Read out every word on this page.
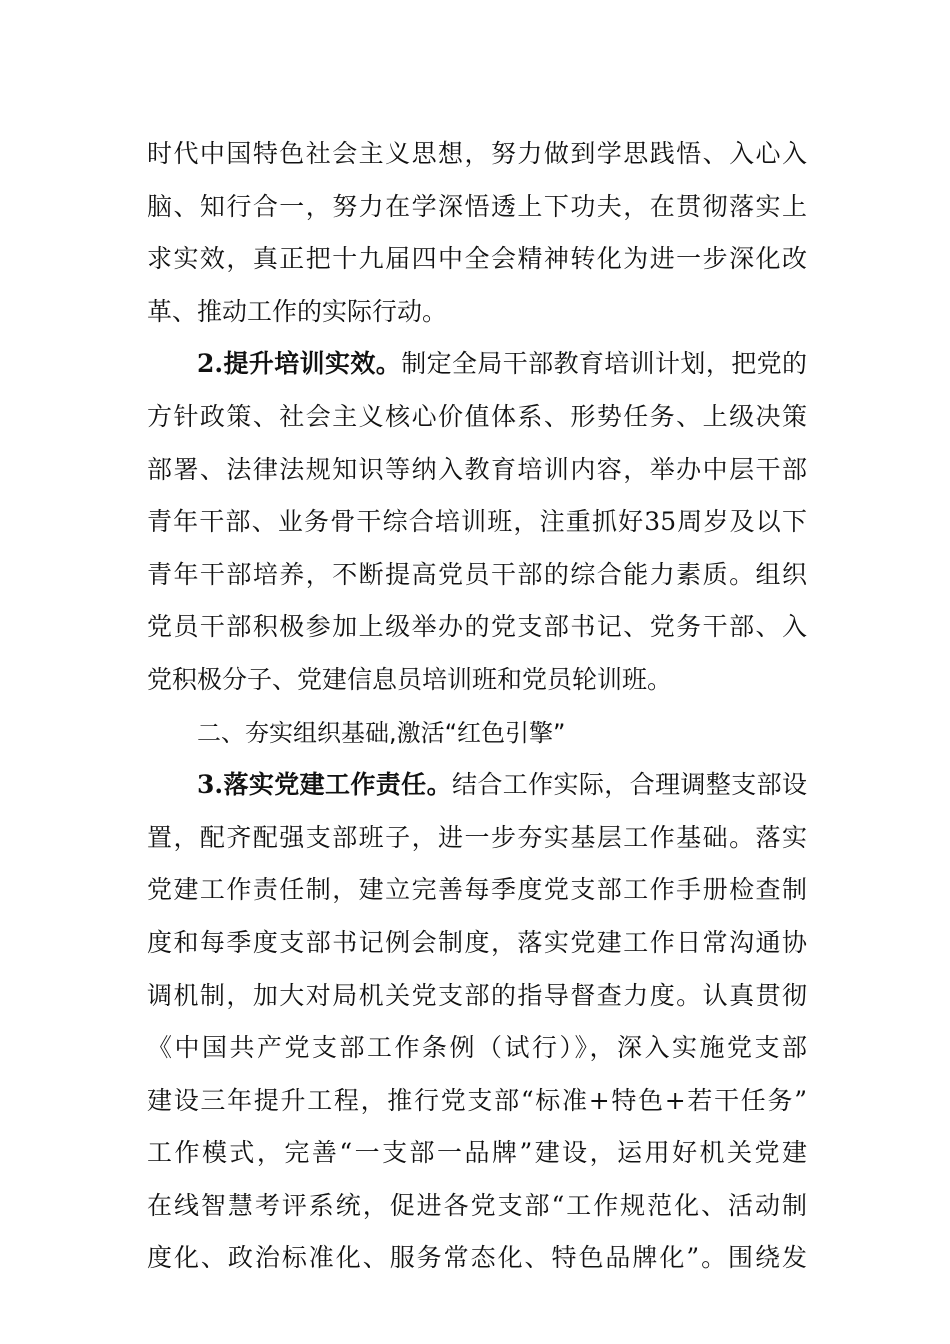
时代中国特色社会主义思想，努力做到学思践悟、入心入
脑、知行合一，努力在学深悟透上下功夫，在贯彻落实上
求实效，真正把十九届四中全会精神转化为进一步深化改
革、推动工作的实际行动。

2.提升培训实效。制定全局干部教育培训计划，把党的
方针政策、社会主义核心价值体系、形势任务、上级决策
部署、法律法规知识等纳入教育培训内容，举办中层干部
青年干部、业务骨干综合培训班，注重抓好35周岁及以下
青年干部培养，不断提高党员干部的综合能力素质。组织
党员干部积极参加上级举办的党支部书记、党务干部、入
党积极分子、党建信息员培训班和党员轮训班。

二、夯实组织基础,激活“红色引擎”

3.落实党建工作责任。结合工作实际，合理调整支部设
置，配齐配强支部班子，进一步夯实基层工作基础。落实
党建工作责任制，建立完善每季度党支部工作手册检查制
度和每季度支部书记例会制度，落实党建工作日常沟通协
调机制，加大对局机关党支部的指导督查力度。认真贯彻
《中国共产党支部工作条例（试行）》，深入实施党支部
建设三年提升工程，推行党支部“标准+特色+若干任务”
工作模式，完善“一支部一品牌”建设，运用好机关党建
在线智慧考评系统，促进各党支部“工作规范化、活动制
度化、政治标准化、服务常态化、特色品牌化”。围绕发
